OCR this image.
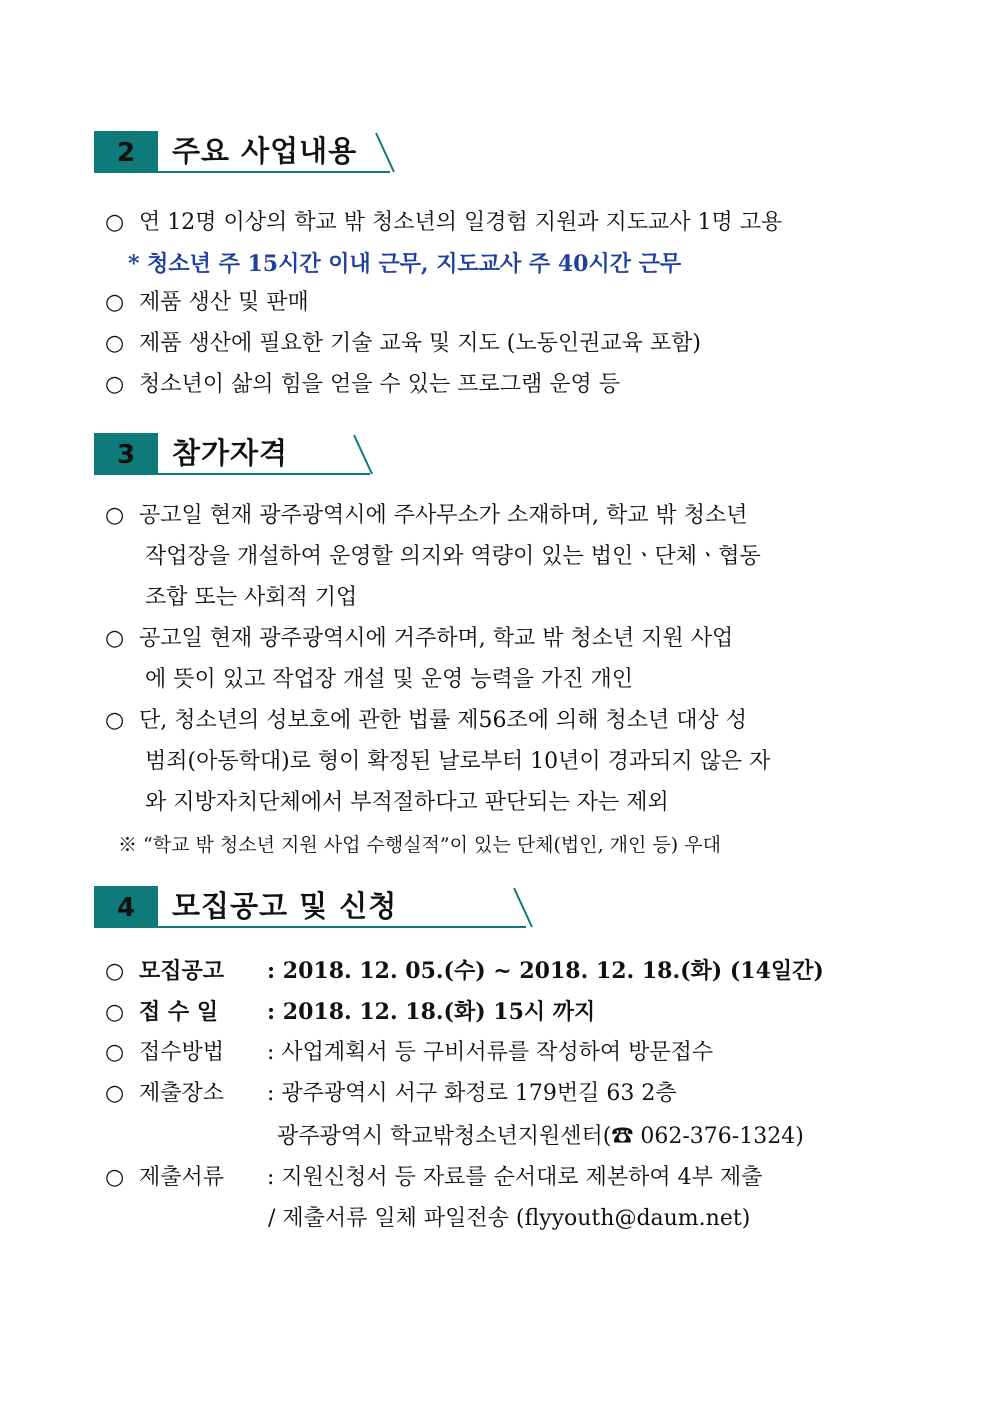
2	주요 사업내용
○ 연 12명 이상의 학교 밖 청소년의 일경험 지원과 지도교사 1명 고용
* 청소년 주 15시간 이내 근무, 지도교사 주 40시간 근무
○ 제품 생산 및 판매
○ 제품 생산에 필요한 기술 교육 및 지도 (노동인권교육 포함)
○ 청소년이 삶의 힘을 얻을 수 있는 프로그램 운영 등
3	참가자격
○ 공고일 현재 광주광역시에 주사무소가 소재하며, 학교 밖 청소년
작업장을 개설하여 운영할 의지와 역량이 있는 법인ㆍ단체ㆍ협동
조합 또는 사회적 기업
○ 공고일 현재 광주광역시에 거주하며, 학교 밖 청소년 지원 사업
에 뜻이 있고 작업장 개설 및 운영 능력을 가진 개인
○ 단, 청소년의 성보호에 관한 법률 제56조에 의해 청소년 대상 성
범죄(아동학대)로 형이 확정된 날로부터 10년이 경과되지 않은 자
와 지방자치단체에서 부적절하다고 판단되는 자는 제외
※ “학교 밖 청소년 지원 사업 수행실적”이 있는 단체(법인, 개인 등) 우대
4	모집공고 및 신청
○ 모집공고 : 2018. 12. 05.(수) ~ 2018. 12. 18.(화) (14일간)
○ 접 수 일 : 2018. 12. 18.(화) 15시 까지
○ 접수방법 : 사업계획서 등 구비서류를 작성하여 방문접수
○ 제출장소 : 광주광역시 서구 화정로 179번길 63 2층
광주광역시 학교밖청소년지원센터(☎ 062-376-1324)
○ 제출서류 : 지원신청서 등 자료를 순서대로 제본하여 4부 제출
/ 제출서류 일체 파일전송 (flyyouth@daum.net)
